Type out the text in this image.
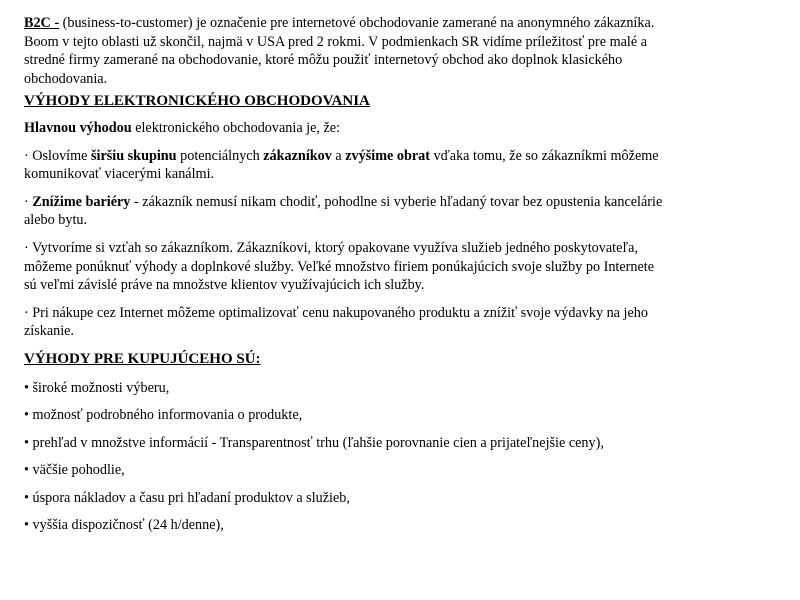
B2C - (business-to-customer) je označenie pre internetové obchodovanie zamerané na anonymného zákazníka. Boom v tejto oblasti už skončil, najmä v USA pred 2 rokmi. V podmienkach SR vidíme príležitosť pre malé a stredné firmy zamerané na obchodovanie, ktoré môžu použiť internetový obchod ako doplnok klasického obchodovania.

VÝHODY ELEKTRONICKÉHO OBCHODOVANIA

Hlavnou výhodou elektronického obchodovania je, že:

· Oslovíme širšiu skupinu potenciálnych zákazníkov a zvýšime obrat vďaka tomu, že so zákazníkmi môžeme komunikovať viacerými kanálmi.

· Znížime bariéry - zákazník nemusí nikam chodiť, pohodlne si vyberie hľadaný tovar bez opustenia kancelárie alebo bytu.

· Vytvoríme si vzťah so zákazníkom. Zákazníkovi, ktorý opakovane využíva služieb jedného poskytovateľa, môžeme ponúknuť výhody a doplnkové služby. Veľké množstvo firiem ponúkajúcich svoje služby po Internete sú veľmi závislé práve na množstve klientov využívajúcich ich služby.

· Pri nákupe cez Internet môžeme optimalizovať cenu nakupovaného produktu a znížiť svoje výdavky na jeho získanie.

VÝHODY PRE KUPUJÚCEHO SÚ:

• široké možnosti výberu,

• možnosť podrobného informovania o produkte,

• prehľad v množstve informácií - Transparentnosť trhu (ľahšie porovnanie cien a prijateľnejšie ceny),

• väčšie pohodlie,

• úspora nákladov a času pri hľadaní produktov a služieb,

• vyššia dispozičnosť (24 h/denne),
